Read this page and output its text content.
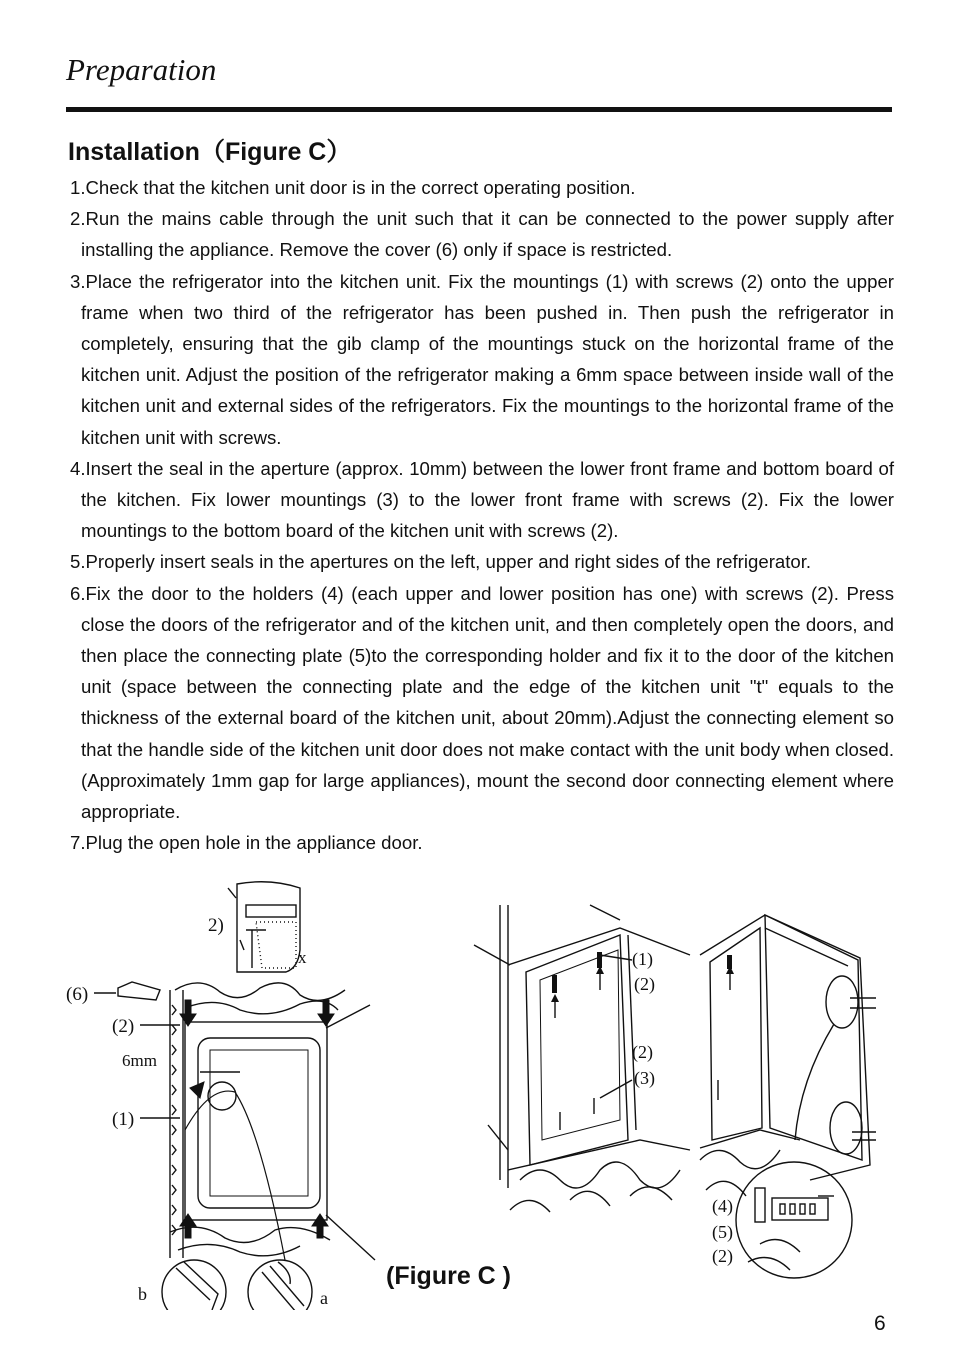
Preparation
Installation（Figure C）
1.Check that the kitchen unit door is in the correct operating position.
2.Run the mains cable through the unit such that it can be connected to the power supply after installing the appliance. Remove the cover (6) only if space is restricted.
3.Place the refrigerator into the kitchen unit. Fix the mountings (1) with screws (2) onto the upper frame when two third of the refrigerator has been pushed in. Then push the refrigerator in completely, ensuring that the gib clamp of the mountings stuck on the horizontal frame of the kitchen unit. Adjust the position of the refrigerator making a 6mm space between inside wall of the kitchen unit and external sides of the refrigerators. Fix the mountings to the horizontal frame of the kitchen unit with screws.
4.Insert the seal in the aperture (approx. 10mm) between the lower front frame and bottom board of the kitchen. Fix lower mountings (3) to the lower front frame with screws (2). Fix the lower mountings to the bottom board of the kitchen unit with screws (2).
5.Properly insert seals in the apertures on the left, upper and right sides of the refrigerator.
6.Fix the door to the holders (4) (each upper and lower position has one) with screws (2). Press close the doors of the refrigerator and of the kitchen unit, and then completely open the doors, and then place the connecting plate (5)to the corresponding holder and fix it to the door of the kitchen unit (space between the connecting plate and the edge of the kitchen unit "t" equals to the thickness of the external board of the kitchen unit, about 20mm).Adjust the connecting element so that the handle side of the kitchen unit door does not make contact with the unit body when closed. (Approximately 1mm gap for large appliances), mount the second door connecting element where appropriate.
7.Plug the open hole in the appliance door.
2)
x
(6)
(2)
6mm
(1)
b	a
(1)
(2)
(2)
(3)
(4)
(5)
(2)
(Figure C )
6
